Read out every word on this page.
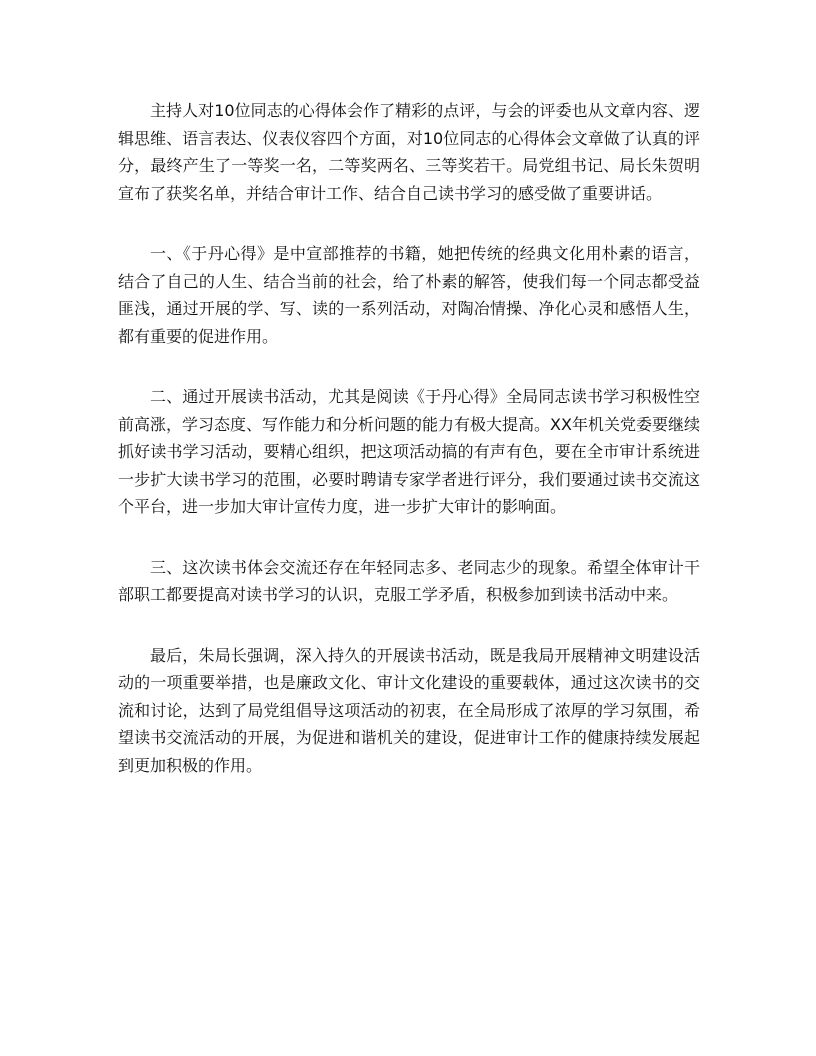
主持人对10位同志的心得体会作了精彩的点评，与会的评委也从文章内容、逻辑思维、语言表达、仪表仪容四个方面，对10位同志的心得体会文章做了认真的评分，最终产生了一等奖一名，二等奖两名、三等奖若干。局党组书记、局长朱贺明宣布了获奖名单，并结合审计工作、结合自己读书学习的感受做了重要讲话。

一、《于丹心得》是中宣部推荐的书籍，她把传统的经典文化用朴素的语言，结合了自己的人生、结合当前的社会，给了朴素的解答，使我们每一个同志都受益匪浅，通过开展的学、写、读的一系列活动，对陶冶情操、净化心灵和感悟人生，都有重要的促进作用。

二、通过开展读书活动，尤其是阅读《于丹心得》全局同志读书学习积极性空前高涨，学习态度、写作能力和分析问题的能力有极大提高。XX年机关党委要继续抓好读书学习活动，要精心组织，把这项活动搞的有声有色，要在全市审计系统进一步扩大读书学习的范围，必要时聘请专家学者进行评分，我们要通过读书交流这个平台，进一步加大审计宣传力度，进一步扩大审计的影响面。

三、这次读书体会交流还存在年轻同志多、老同志少的现象。希望全体审计干部职工都要提高对读书学习的认识，克服工学矛盾，积极参加到读书活动中来。

最后，朱局长强调，深入持久的开展读书活动，既是我局开展精神文明建设活动的一项重要举措，也是廉政文化、审计文化建设的重要载体，通过这次读书的交流和讨论，达到了局党组倡导这项活动的初衷，在全局形成了浓厚的学习氛围，希望读书交流活动的开展，为促进和谐机关的建设，促进审计工作的健康持续发展起到更加积极的作用。
